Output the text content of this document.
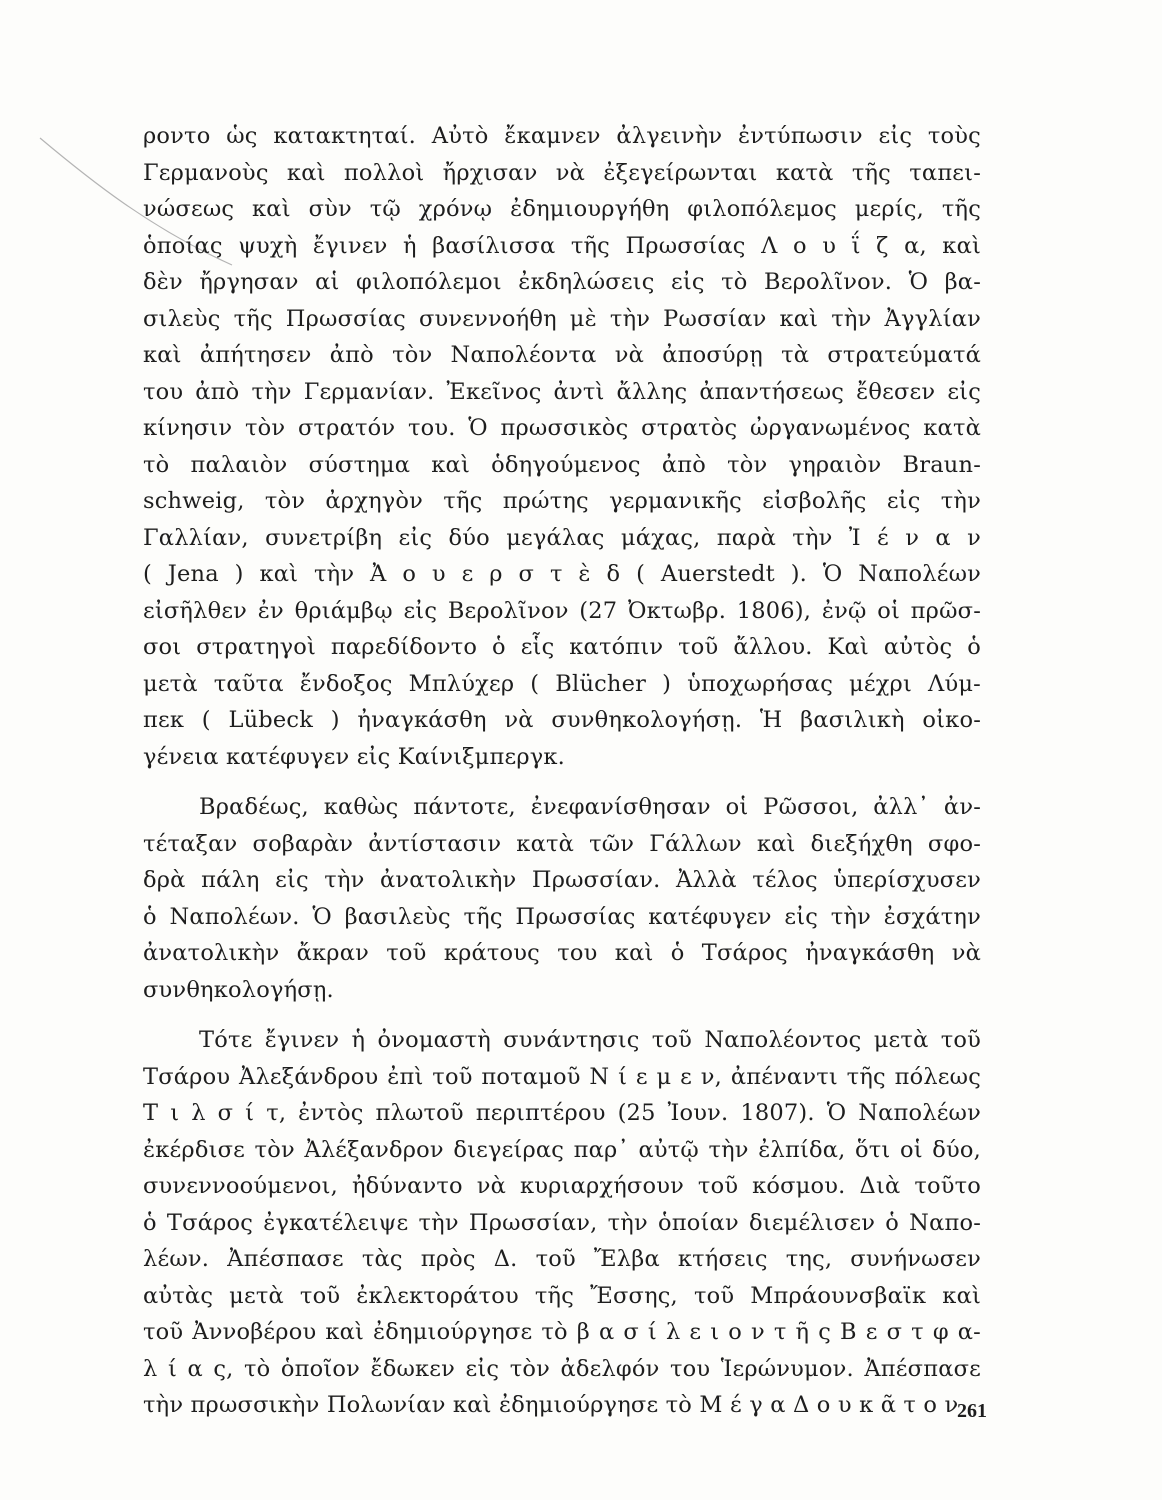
ροντο ὡς κατακτηταί. Αὐτὸ ἔκαμνεν ἀλγεινὴν ἐντύπωσιν εἰς τοὺς
Γερμανοὺς καὶ πολλοὶ ἤρχισαν νὰ ἐξεγείρωνται κατὰ τῆς ταπει-
νώσεως καὶ σὺν τῷ χρόνῳ ἐδημιουργήθη φιλοπόλεμος μερίς, τῆς
ὁποίας ψυχὴ ἔγινεν ἡ βασίλισσα τῆς Πρωσσίας Λ ο υ ΐ ζ α, καὶ
δὲν ἤργησαν αἱ φιλοπόλεμοι ἐκδηλώσεις εἰς τὸ Βερολῖνον. Ὁ βα-
σιλεὺς τῆς Πρωσσίας συνεννοήθη μὲ τὴν Ρωσσίαν καὶ τὴν Ἀγγλίαν
καὶ ἀπήτησεν ἀπὸ τὸν Ναπολέοντα νὰ ἀποσύρῃ τὰ στρατεύματά
του ἀπὸ τὴν Γερμανίαν. Ἐκεῖνος ἀντὶ ἄλλης ἀπαντήσεως ἔθεσεν εἰς
κίνησιν τὸν στρατόν του. Ὁ πρωσσικὸς στρατὸς ὠργανωμένος κατὰ
τὸ παλαιὸν σύστημα καὶ ὁδηγούμενος ἀπὸ τὸν γηραιὸν Braun-
schweig, τὸν ἀρχηγὸν τῆς πρώτης γερμανικῆς εἰσβολῆς εἰς τὴν
Γαλλίαν, συνετρίβη εἰς δύο μεγάλας μάχας, παρὰ τὴν Ἰ έ ν α ν
( Jena ) καὶ τὴν Ἀ ο υ ε ρ σ τ ὲ δ ( Auerstedt ). Ὁ Ναπολέων
εἰσῆλθεν ἐν θριάμβῳ εἰς Βερολῖνον (27 Ὀκτωβρ. 1806), ἐνῷ οἱ πρῶσ-
σοι στρατηγοὶ παρεδίδοντο ὁ εἷς κατόπιν τοῦ ἄλλου. Καὶ αὐτὸς ὁ
μετὰ ταῦτα ἔνδοξος Μπλύχερ ( Blücher ) ὑποχωρήσας μέχρι Λύμ-
πεκ ( Lübeck ) ἠναγκάσθη νὰ συνθηκολογήσῃ. Ἡ βασιλικὴ οἰκο-
γένεια κατέφυγεν εἰς Καίνιξμπεργκ.
Βραδέως, καθὼς πάντοτε, ἐνεφανίσθησαν οἱ Ρῶσσοι, ἀλλ᾽ ἀν-
τέταξαν σοβαρὰν ἀντίστασιν κατὰ τῶν Γάλλων καὶ διεξήχθη σφο-
δρὰ πάλη εἰς τὴν ἀνατολικὴν Πρωσσίαν. Ἀλλὰ τέλος ὑπερίσχυσεν
ὁ Ναπολέων. Ὁ βασιλεὺς τῆς Πρωσσίας κατέφυγεν εἰς τὴν ἐσχάτην
ἀνατολικὴν ἄκραν τοῦ κράτους του καὶ ὁ Τσάρος ἠναγκάσθη νὰ
συνθηκολογήσῃ.
Τότε ἔγινεν ἡ ὀνομαστὴ συνάντησις τοῦ Ναπολέοντος μετὰ τοῦ
Τσάρου Ἀλεξάνδρου ἐπὶ τοῦ ποταμοῦ Ν ί ε μ ε ν, ἀπέναντι τῆς πόλεως
Τ ι λ σ ί τ, ἐντὸς πλωτοῦ περιπτέρου (25 Ἰουν. 1807). Ὁ Ναπολέων
ἐκέρδισε τὸν Ἀλέξανδρον διεγείρας παρ᾽ αὐτῷ τὴν ἐλπίδα, ὅτι οἱ δύο,
συνεννοούμενοι, ἠδύναντο νὰ κυριαρχήσουν τοῦ κόσμου. Διὰ τοῦτο
ὁ Τσάρος ἐγκατέλειψε τὴν Πρωσσίαν, τὴν ὁποίαν διεμέλισεν ὁ Ναπο-
λέων. Ἀπέσπασε τὰς πρὸς Δ. τοῦ Ἔλβα κτήσεις της, συνήνωσεν
αὐτὰς μετὰ τοῦ ἐκλεκτοράτου τῆς Ἔσσης, τοῦ Μπράουνσβαϊκ καὶ
τοῦ Ἀννοβέρου καὶ ἐδημιούργησε τὸ β α σ ί λ ε ι ο ν τ ῆ ς Β ε σ τ φ α-
λ ί α ς, τὸ ὁποῖον ἔδωκεν εἰς τὸν ἀδελφόν του Ἱερώνυμον. Ἀπέσπασε
τὴν πρωσσικὴν Πολωνίαν καὶ ἐδημιούργησε τὸ Μ έ γ α Δ ο υ κ ᾶ τ ο ν
261
